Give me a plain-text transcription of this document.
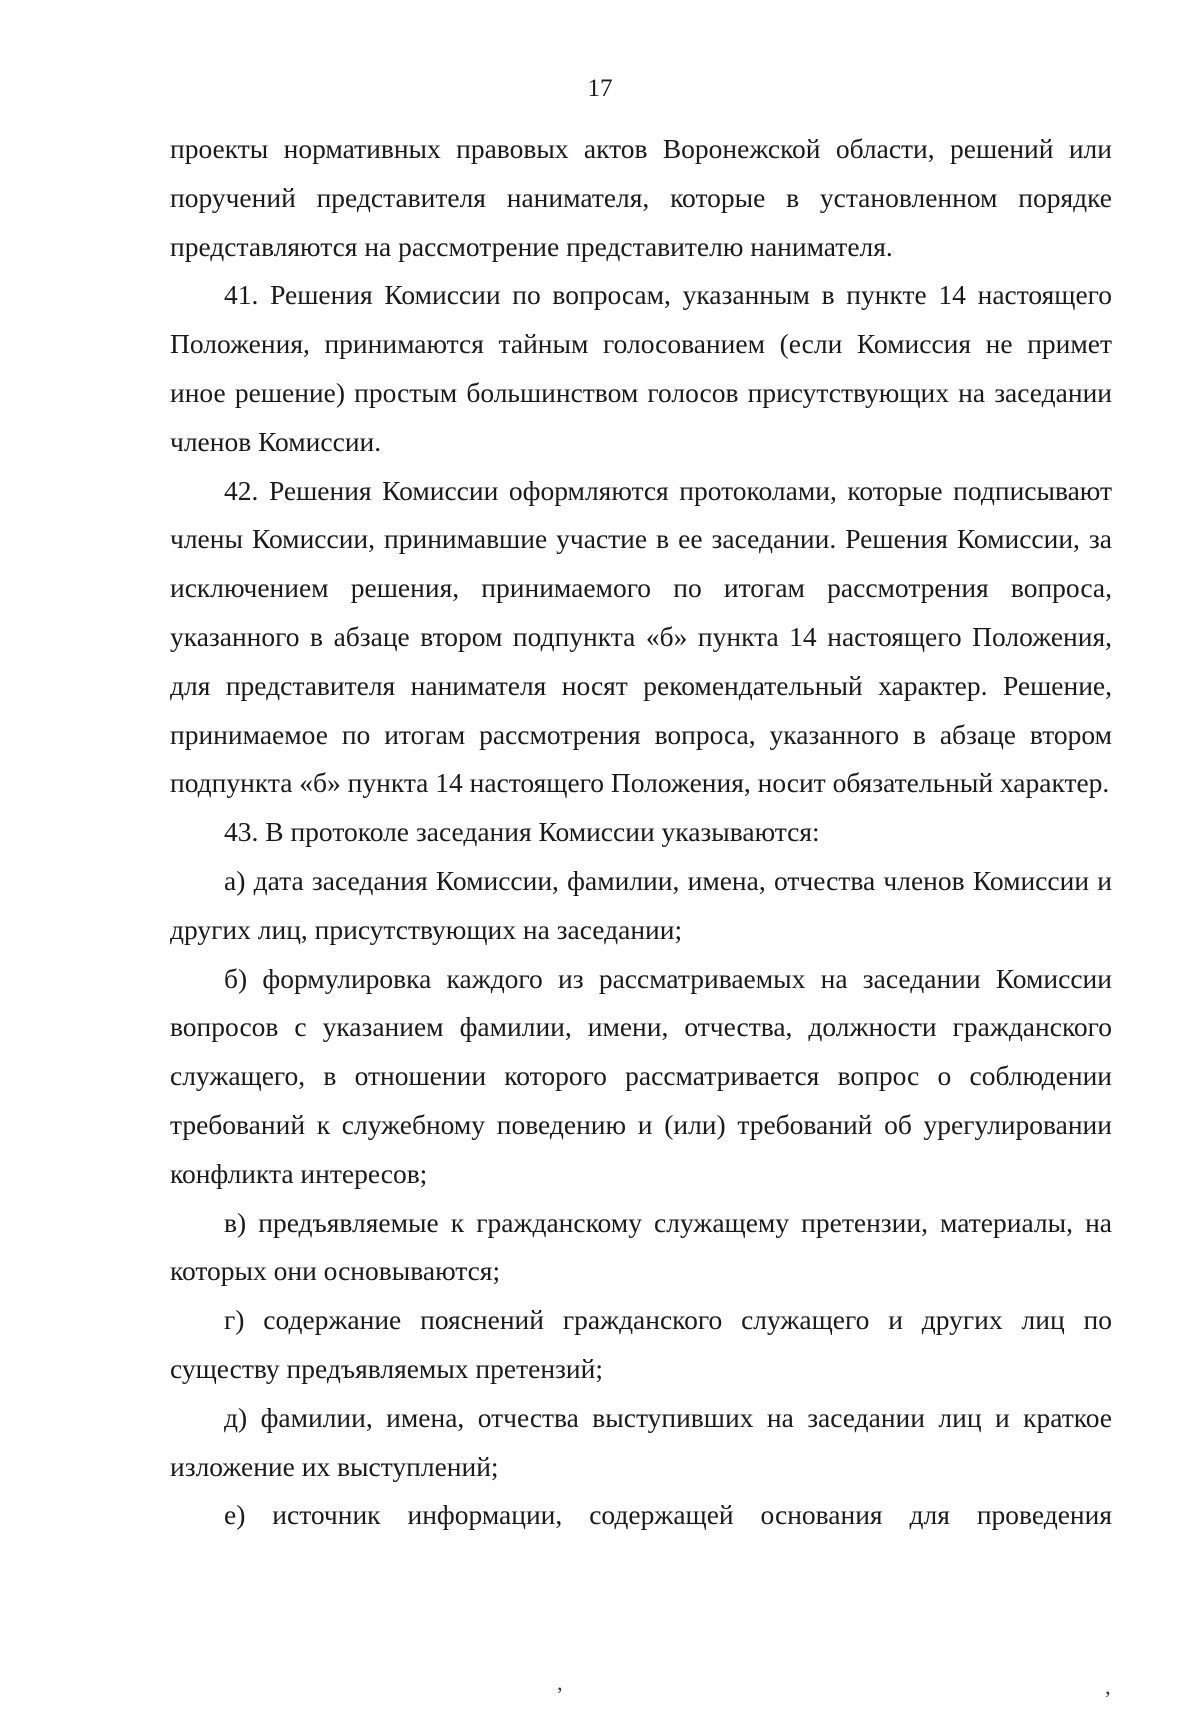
17

проекты нормативных правовых актов Воронежской области, решений или поручений представителя нанимателя, которые в установленном порядке представляются на рассмотрение представителю нанимателя.

41. Решения Комиссии по вопросам, указанным в пункте 14 настоящего Положения, принимаются тайным голосованием (если Комиссия не примет иное решение) простым большинством голосов присутствующих на заседании членов Комиссии.

42. Решения Комиссии оформляются протоколами, которые подписывают члены Комиссии, принимавшие участие в ее заседании. Решения Комиссии, за исключением решения, принимаемого по итогам рассмотрения вопроса, указанного в абзаце втором подпункта «б» пункта 14 настоящего Положения, для представителя нанимателя носят рекомендательный характер. Решение, принимаемое по итогам рассмотрения вопроса, указанного в абзаце втором подпункта «б» пункта 14 настоящего Положения, носит обязательный характер.

43. В протоколе заседания Комиссии указываются:

а) дата заседания Комиссии, фамилии, имена, отчества членов Комиссии и других лиц, присутствующих на заседании;

б) формулировка каждого из рассматриваемых на заседании Комиссии вопросов с указанием фамилии, имени, отчества, должности гражданского служащего, в отношении которого рассматривается вопрос о соблюдении требований к служебному поведению и (или) требований об урегулировании конфликта интересов;

в) предъявляемые к гражданскому служащему претензии, материалы, на которых они основываются;

г) содержание пояснений гражданского служащего и других лиц по существу предъявляемых претензий;

д) фамилии, имена, отчества выступивших на заседании лиц и краткое изложение их выступлений;

е) источник информации, содержащей основания для проведения

’	’
